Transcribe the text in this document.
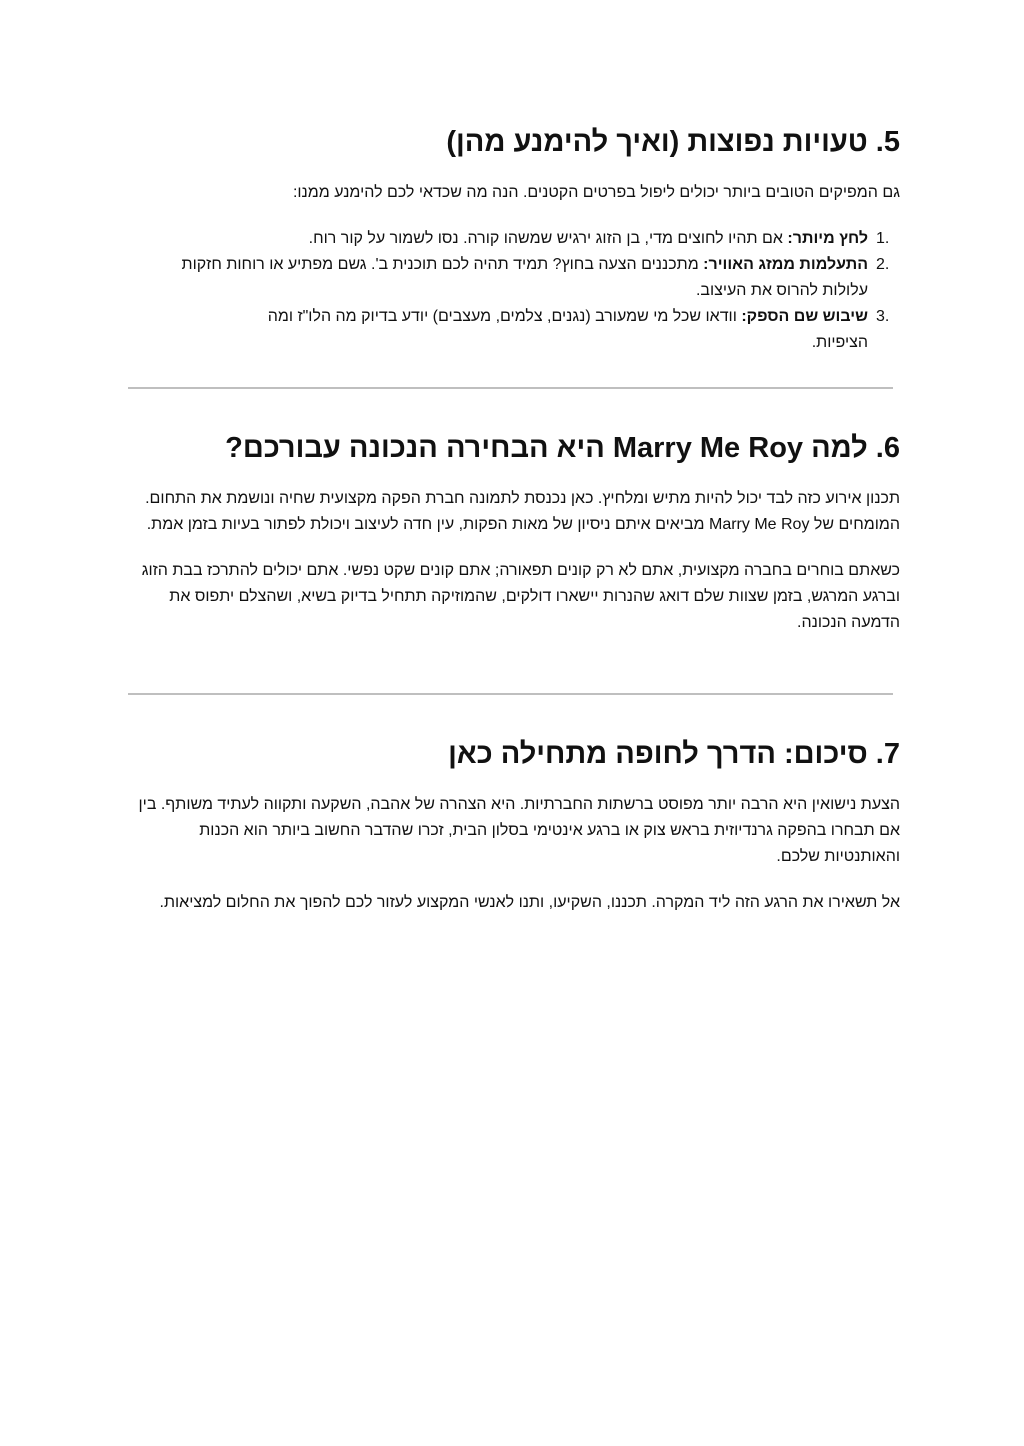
5. טעויות נפוצות (ואיך להימנע מהן)

גם המפיקים הטובים ביותר יכולים ליפול בפרטים הקטנים. הנה מה שכדאי לכם להימנע ממנו:

1.
לחץ מיותר: אם תהיו לחוצים מדי, בן הזוג ירגיש שמשהו קורה. נסו לשמור על קור רוח.
2.
התעלמות ממזג האוויר: מתכננים הצעה בחוץ? תמיד תהיה לכם תוכנית ב'. גשם מפתיע או רוחות חזקות עלולות להרוס את העיצוב.
3.
שיבוש שם הספק: וודאו שכל מי שמעורב (נגנים, צלמים, מעצבים) יודע בדיוק מה הלו"ז ומה הציפיות.
6. למה Marry Me Roy היא הבחירה הנכונה עבורכם?

תכנון אירוע כזה לבד יכול להיות מתיש ומלחיץ. כאן נכנסת לתמונה חברת הפקה מקצועית שחיה ונושמת את התחום. המומחים של Marry Me Roy מביאים איתם ניסיון של מאות הפקות, עין חדה לעיצוב ויכולת לפתור בעיות בזמן אמת.

כשאתם בוחרים בחברה מקצועית, אתם לא רק קונים תפאורה; אתם קונים שקט נפשי. אתם יכולים להתרכז בבת הזוג וברגע המרגש, בזמן שצוות שלם דואג שהנרות יישארו דולקים, שהמוזיקה תתחיל בדיוק בשיא, ושהצלם יתפוס את הדמעה הנכונה.

7. סיכום: הדרך לחופה מתחילה כאן

הצעת נישואין היא הרבה יותר מפוסט ברשתות החברתיות. היא הצהרה של אהבה, השקעה ותקווה לעתיד משותף. בין אם תבחרו בהפקה גרנדיוזית בראש צוק או ברגע אינטימי בסלון הבית, זכרו שהדבר החשוב ביותר הוא הכנות והאותנטיות שלכם.

אל תשאירו את הרגע הזה ליד המקרה. תכננו, השקיעו, ותנו לאנשי המקצוע לעזור לכם להפוך את החלום למציאות.
